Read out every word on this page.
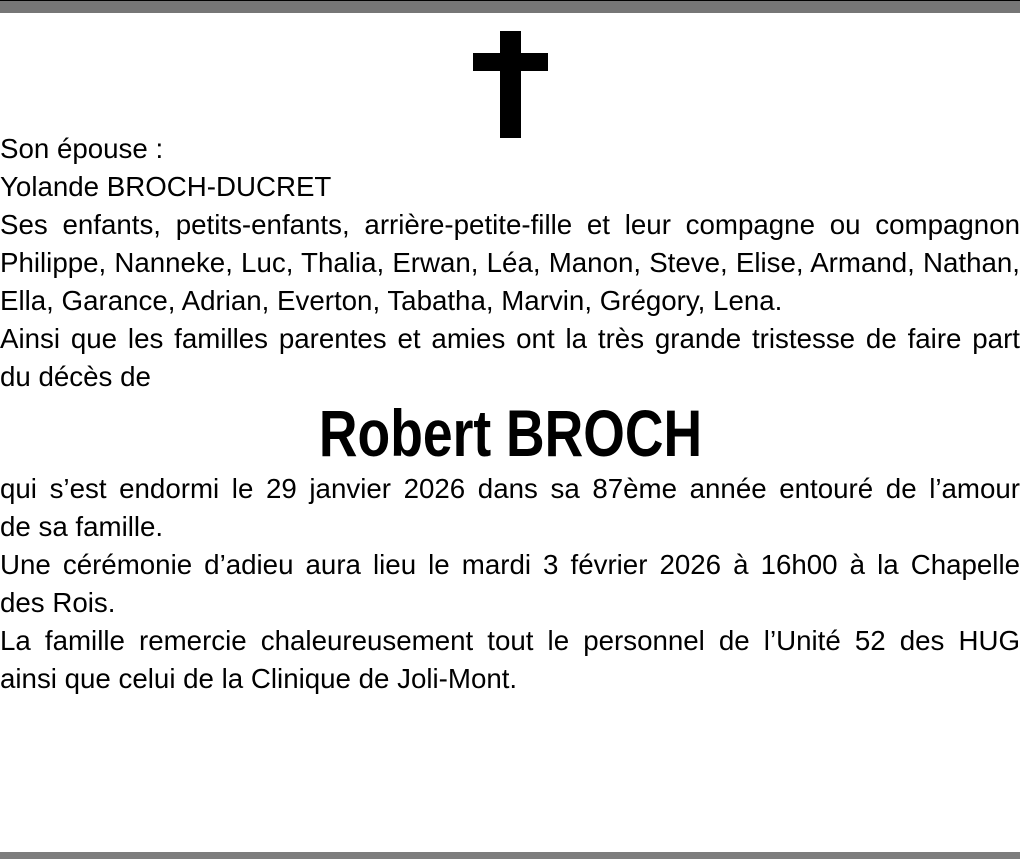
Son épouse :
Yolande BROCH-DUCRET
Ses enfants, petits-enfants, arrière-petite-fille et leur compagne ou compagnon
Philippe, Nanneke, Luc, Thalia, Erwan, Léa, Manon, Steve, Elise, Armand, Nathan,
Ella, Garance, Adrian, Everton, Tabatha, Marvin, Grégory, Lena.

Ainsi que les familles parentes et amies ont la très grande tristesse de faire part
du décès de

Robert BROCH

qui s’est endormi le 29 janvier 2026 dans sa 87ème année entouré de l’amour
de sa famille.

Une cérémonie d’adieu aura lieu le mardi 3 février 2026 à 16h00 à la Chapelle
des Rois.

La famille remercie chaleureusement tout le personnel de l’Unité 52 des HUG
ainsi que celui de la Clinique de Joli-Mont.
